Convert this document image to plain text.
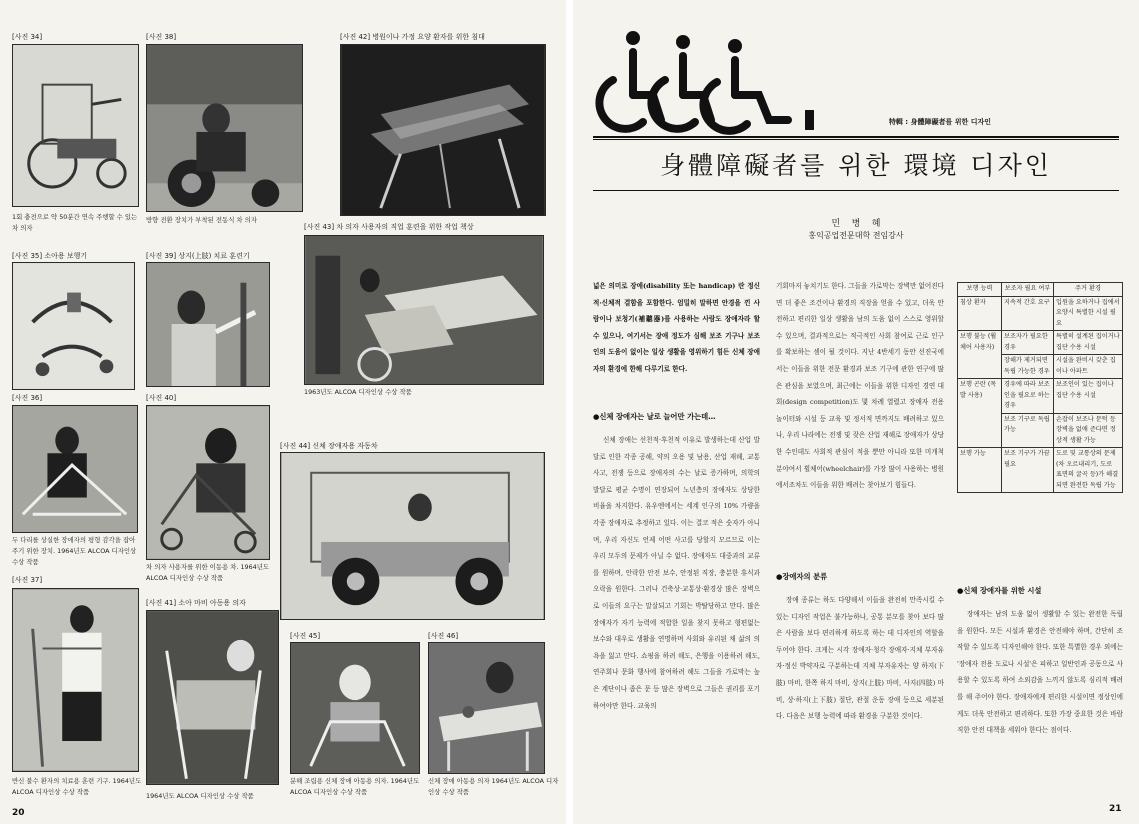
[사진 34]
1회 충전으로 약 50분간 연속 주행할 수 있는 차 의자
[사진 38]
방향 전환 장치가 부착된 전동식 차 의자
[사진 42] 병원이나 가정 요양 환자를 위한 침대
[사진 35] 소아용 보행기	[사진 39] 상지(上肢) 치료 훈련기
[사진 43] 차 의자 사용자의 직업 훈련을 위한 작업 책상
1963년도 ALCOA 디자인상 수상 작품
[사진 36]
두 다리를 상실한 장애자의 평형 감각을 잡아 주기 위한 장치. 1964년도 ALCOA 디자인상 수상 작품
[사진 40]
차 의자 사용자를 위한 이동용 차. 1964년도 ALCOA 디자인상 수상 작품
[사진 44] 신체 장애자용 자동차
[사진 37]
반신 불수 환자의 치료용 훈련 기구. 1964년도 ALCOA 디자인상 수상 작품
[사진 41] 소아 마비 아동용 의자
1964년도 ALCOA 디자인상 수상 작품
[사진 45]
분해 조립용 신체 장애 아동용 의자. 1964년도 ALCOA 디자인상 수상 작품
[사진 46]
신체 장애 아동용 의자 1964년도 ALCOA 디자인상 수상 작품
20
特輯 : 身體障礙者를 위한 디자인
身體障礙者를 위한 環境 디자인
민    병    혜
홍익공업전문대학 전임강사
넓은 의미로 장애(disability 또는 handicap) 란 정신적·신체적 결함을 포함한다. 엄밀히 말하면 안경을 낀 사람이나 보청기(補聽器)를 사용하는 사람도 장애자라 할 수 있으나, 여기서는 장애 정도가 심해 보조 기구나 보조인의 도움이 없이는 일상 생활을 영위하기 힘든 신체 장애자의 환경에 한해 다루기로 한다.
●신체 장애자는 날로 늘어만 가는데…
신체 장애는 선천적·후천적 이유로 발생하는데 산업 발달로 인한 각종 공해, 약의 오용 및 남용, 산업 재해, 교통 사고, 전쟁 등으로 장애자의 수는 날로 증가하며, 의학의 발달로 평균 수명이 연장되어 노년층의 장애자도 상당한 비율을 차지한다. 유우엔에서는 세계 인구의 10% 가량을 각종 장애자로 추정하고 있다. 이는 결코 적은 숫자가 아니며, 우리 자신도 언제 어떤 사고를 당할지 모르므로 이는 우리 모두의 문제가 아닐 수 없다. 장애자도 대중과의 교류를 원하며, 안락한 안전 보수, 안정된 직장, 충분한 휴식과 오락을 원한다. 그러나 건축상·교통상·환경상 많은 장벽으로 이들의 요구는 말살되고 기회는 박탈당하고 만다. 많은 장애자가 자기 능력에 적합한 일을 찾지 못하고 형편없는 보수와 대우로 생활을 연명하며 사회와 유리된 채 삶의 의욕을 잃고 만다. 쇼핑을 하려 해도, 은행을 이용하려 해도, 연주회나 문화 행사에 참여하려 해도 그들을 가로막는 높은 계단이나 좁은 문 등 많은 장벽으로 그들은 권리를 포기하여야만 한다. 교육의
기회마저 놓치기도 한다. 그들을 가로막는 장벽만 없어진다면 더 좋은 조건이나 환경의 직장을 얻을 수 있고, 더욱 안전하고 편리한 일상 생활을 남의 도움 없이 스스로 영위할 수 있으며, 결과적으로는 적극적인 사회 참여로 근로 인구를 확보하는 셈이 될 것이다. 지난 4반세기 동안 선진국에서는 이들을 위한 전문 환경과 보조 기구에 관한 연구에 많은 관심을 보였으며, 최근에는 이들을 위한 디자인 경연 대회(design competition)도 몇 차례 열렸고 장애자 전용 놀이터와 시설 등 교육 및 정서적 면까지도 배려하고 있으나, 우리 나라에는 전쟁 및 잦은 산업 재해로 장애자가 상당한 수인데도 사회적 관심이 적을 뿐만 아니라 또한 미개척 분야여서 휠체어(wheelchair)를 가장 많이 사용하는 병원에서조차도 이들을 위한 배려는 찾아보기 힘들다.
●장애자의 분류
장애 종류는 하도 다양해서 이들을 완전히 만족시킬 수 있는 디자인 작업은 불가능하나, 공통 분모를 찾아 보다 많은 사람을 보다 편리하게 하도록 하는 데 디자인의 역할을 두어야 한다. 크게는 시각 장애자·청각 장애자·지체 부자유자·정신 박약자로 구분하는데 지체 부자유자는 양 하지(下肢) 마비, 한쪽 하지 마비, 상지(上肢) 마비, 사지(四肢) 마비, 상·하지(上下肢) 절단, 관절 운동 장애 등으로 세분된다. 다음은 보행 능력에 따라 환경을 구분한 것이다.
보행 능력	보조자 필요 여부	주거 환경
침상 환자	지속적 간호 요구	입원을 요하거나 집에서 요양시 특별한 시설 필요
보행 불능 (휠체어 사용자)	보조자가 필요한 경우	특별히 설계된 집이거나 집단 수용 시설
	장해가 제거되면 독립 가능한 경우	시설을 완비시 갖춘 집이나 아파트
보행 곤란 (목발 사용)	경우에 따라 보조인을 필요로 하는 경우	보조인이 있는 집이나 집단 수용 시설
	보조 기구로 독립 가능	손잡이 보조나 문턱 등 장벽을 없애 준다면 정상적 생활 가능
보행 가능	보조 기구가 가끔 필요	도로 및 교통상의 문제(차 오르내리기, 도로 표면의 굴곡 등)가 해결되면 완전한 독립 가능
●신체 장애자를 위한 시설
장애자는 남의 도움 없이 생활할 수 있는 완전한 독립을 원한다. 모든 시설과 환경은 안전해야 하며, 간단히 조작할 수 있도록 디자인해야 한다. 또한 특별한 경우 외에는 '장애자 전용 도로나 시설'은 피하고 일반인과 공동으로 사용할 수 있도록 하여 소외감을 느끼지 않도록 심리적 배려를 해 주어야 한다. 장애자에게 편리한 시설이면 정상인에게도 더욱 안전하고 편리하다. 또한 가장 중요한 것은 바람직한 안전 대책을 세워야 한다는 점이다.
21
